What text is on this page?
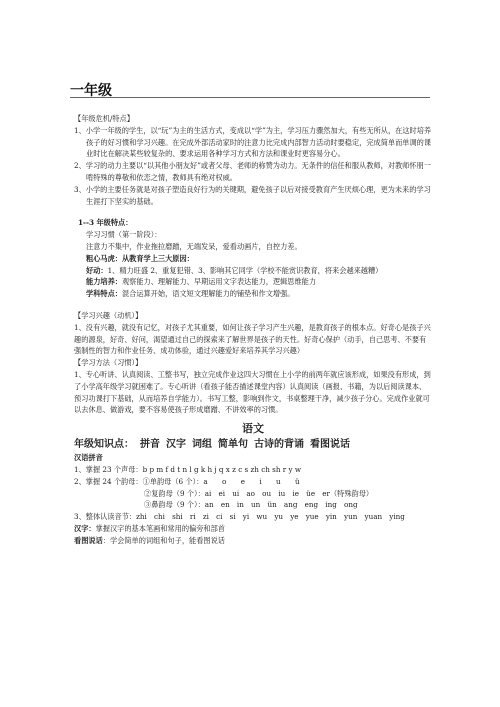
一年级

【年级危机/特点】

1、小学一年级的学生，以“玩”为主的生活方式，变成以“学”为主，学习压力骤然加大，有些无所从，在这时培养孩子的好习惯和学习兴趣。在完成外部活动家时的注意力比完成内部智力活动时要稳定，完成简单而单调的课业时比在解决某些较复杂的、要求运用各种学习方式和方法和课业时更容易分心。

2、学习的动力主要以“以其他小朋友好”或者父母、老师的称赞为动力。无条件的信任和服从教师，对教师怀朋一啃特殊的尊敬和依恋之情，教师具有绝对权威。

3、小学的主要任务就是对孩子塑造良好行为的关键期，避免孩子以后对接受教育产生厌烦心理，更为未来的学习生涯打下坚实的基础。

1--3 年级特点：

学习习惯（第一阶段）：

注意力不集中，作业拖拉磨蹭，无端发呆，爱看动画片，自控力差。

粗心马虎：从教育学上三大原因：

好动：1、精力旺盛 2、重复犯错、3、影响其它同学（学校不能赏识教育，将来会越来越糟）

能力培养：观察能力、理解能力、早期运用文字表达能力，逻辑思维能力

学科特点：混合运算开始，语文短文理解能力的铺垫和作文增强。

【学习兴趣（动机）】

1、没有兴趣，就没有记忆，对孩子尤其重要，如何让孩子学习产生兴趣，是教育孩子的根本点。好奇心是孩子兴趣的源泉，好奇、好问，渴望通过自己的探索来了解世界是孩子的天性。好奇心保护（动手，自己思考、不要有强制性的智力和作业任务、成功体验，通过兴趣爱好来培养其学习兴趣）

【学习方法（习惯）】

1、专心听讲、认真阅读、工整书写，独立完成作业这四大习惯在上小学的前两年就应该形成，如果没有形成，到了小学高年级学习就困难了。专心听讲（看孩子能否描述课堂内容）认真阅读（画报、书籍，为以后阅读课本、预习功课打下基础，从而培养自学能力）。书写工整，影响到作文，书桌整理干净，减少孩子分心。完成作业就可以去休息、做游戏，要不容易使孩子形成磨蹭、不讲效率的习惯。

语文
年级知识点： 拼音 汉字 词组 简单句 古诗的背诵 看图说话

汉语拼音

1、掌握 23 个声母：b p m f d t n l g k h j q x z c s zh ch sh r y w

2、掌握 24 个韵母：①单韵母（6 个）：a　　o　　e　　i　　u　　ü

②复韵母（9 个）：ai　ei　ui　ao　ou　iu　ie　üe　er（特殊韵母）

③鼻韵母（9 个）：an　en　in　un　ün　ang　eng　ing　ong

3、整体认读音节：zhi　chi　shi　ri　zi　ci　si　yi　wu　yu　ye　yue　yin　yun　yuan　ying

汉字：掌握汉字的基本笔画和常用的偏旁和部首

看图说话：学会简单的词组和句子，能看图说话
